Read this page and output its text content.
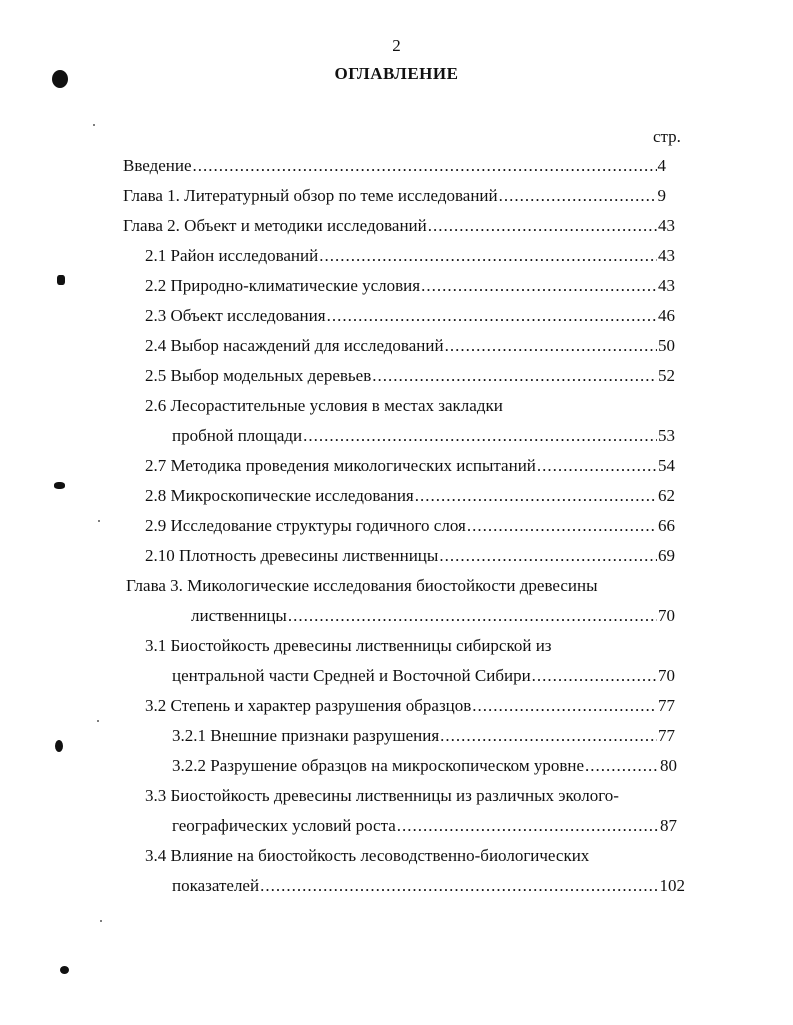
2
ОГЛАВЛЕНИЕ
стр.
Введение .....	4
Глава 1. Литературный обзор по теме исследований .....	9
Глава 2. Объект и методики исследований .....	43
2.1 Район исследований .....	43
2.2 Природно-климатические условия .....	43
2.3 Объект исследования .....	46
2.4 Выбор насаждений для исследований .....	50
2.5 Выбор модельных деревьев .....	52
2.6 Лесорастительные условия в местах закладки
пробной площади .....	53
2.7 Методика проведения микологических испытаний .....	54
2.8 Микроскопические исследования .....	62
2.9 Исследование структуры годичного слоя .....	66
2.10 Плотность древесины лиственницы .....	69
Глава 3. Микологические исследования биостойкости древесины
лиственницы .....	70
3.1 Биостойкость древесины лиственницы сибирской из
центральной части Средней и Восточной Сибири .....	70
3.2 Степень и характер разрушения образцов .....	77
3.2.1 Внешние признаки разрушения .....	77
3.2.2 Разрушение образцов на микроскопическом уровне .....	80
3.3 Биостойкость древесины лиственницы из различных эколого-
географических условий роста .....	87
3.4 Влияние на биостойкость лесоводственно-биологических
показателей .....	102
